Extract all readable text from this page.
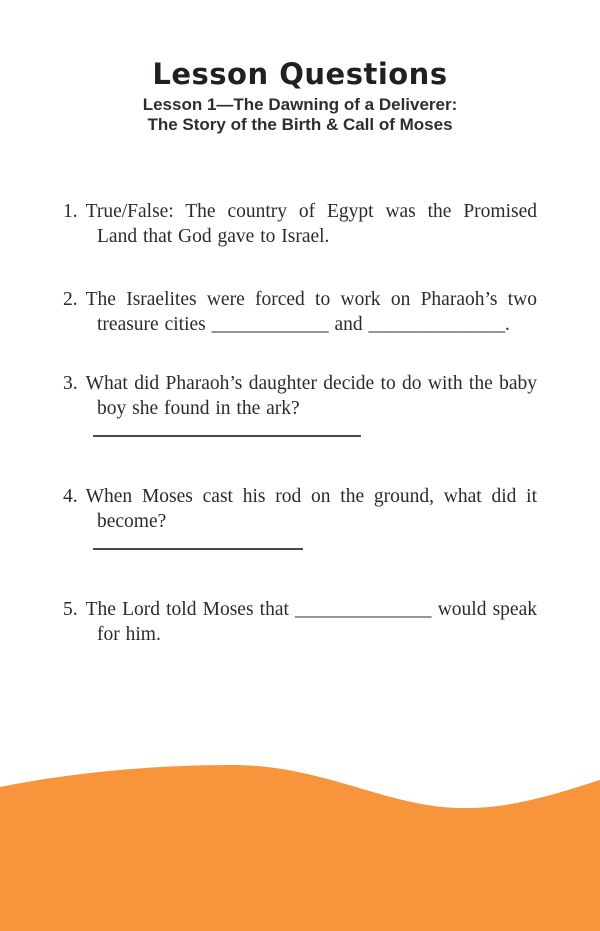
Lesson Questions

Lesson 1—The Dawning of a Deliverer:
The Story of the Birth & Call of Moses

1. True/False: The country of Egypt was the Promised Land that God gave to Israel.
2. The Israelites were forced to work on Pharaoh’s two treasure cities ____________ and ______________.
3. What did Pharaoh’s daughter decide to do with the baby boy she found in the ark?
4. When Moses cast his rod on the ground, what did it become?
5. The Lord told Moses that ______________ would speak for him.
